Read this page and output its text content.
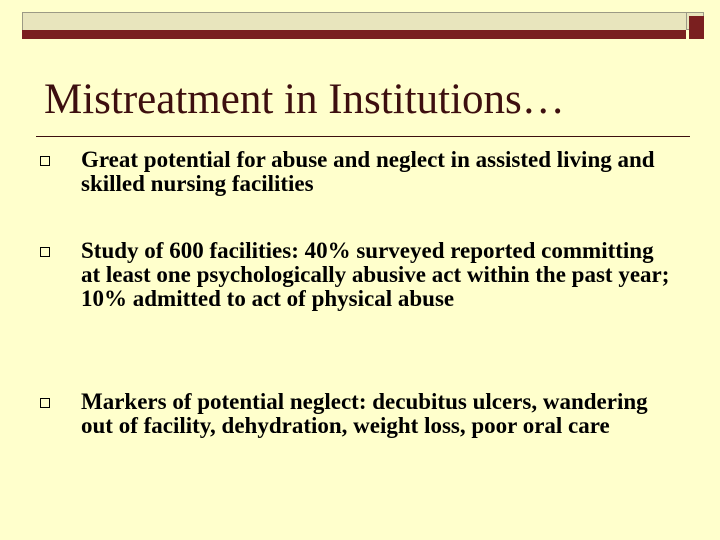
Mistreatment in Institutions…

Great potential for abuse and neglect in assisted living and skilled nursing facilities

Study of 600 facilities: 40% surveyed reported committing at least one psychologically abusive act within the past year; 10% admitted to act of physical abuse

Markers of potential neglect: decubitus ulcers, wandering out of facility, dehydration, weight loss, poor oral care
